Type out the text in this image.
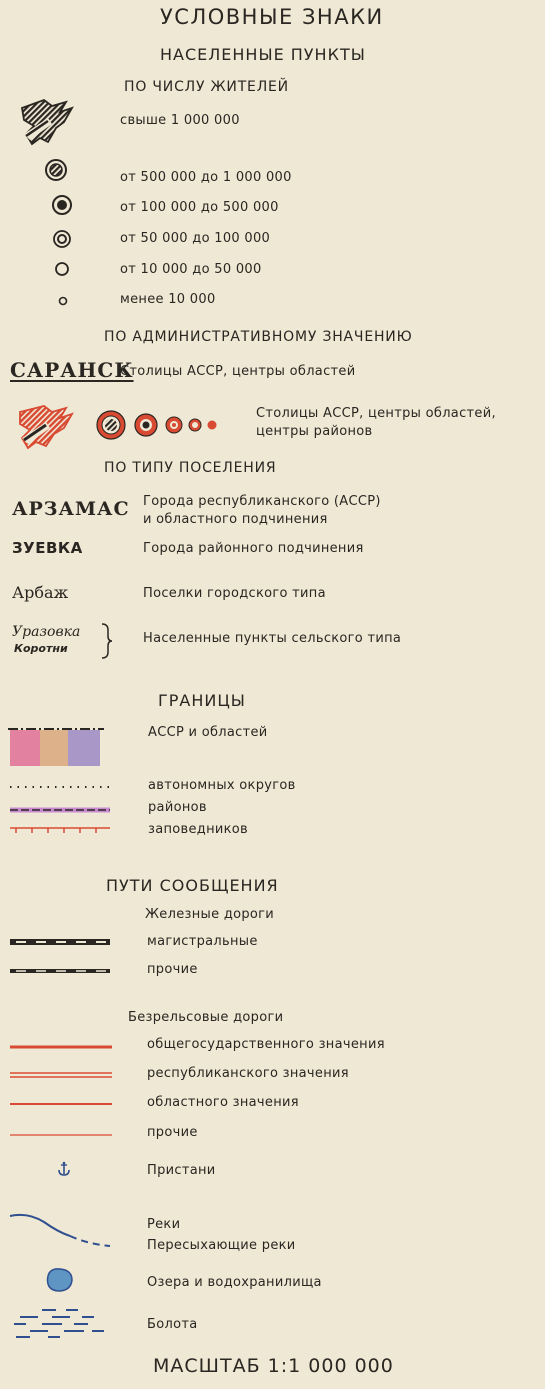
УСЛОВНЫЕ ЗНАКИ
НАСЕЛЕННЫЕ ПУНКТЫ
ПО ЧИСЛУ ЖИТЕЛЕЙ
свыше 1 000 000
от 500 000 до 1 000 000
от 100 000 до 500 000
от 50 000 до 100 000
от 10 000 до 50 000
менее 10 000
ПО АДМИНИСТРАТИВНОМУ ЗНАЧЕНИЮ
САРАНСК
Столицы АССР, центры областей
Столицы АССР, центры областей,
центры районов
ПО ТИПУ ПОСЕЛЕНИЯ
АРЗАМАС Города республиканского (АССР)
и областного подчинения
ЗУЕВКА	Города районного подчинения
Арбаж	Поселки городского типа
Уразовка
Коротни
Населенные пункты сельского типа
ГРАНИЦЫ
АССР и областей
автономных округов
районов
заповедников
ПУТИ СООБЩЕНИЯ
Железные дороги
магистральные
прочие
Безрельсовые дороги
общегосударственного значения
республиканского значения
областного значения
прочие
Пристани
Реки
Пересыхающие реки
Озера и водохранилища
Болота
МАСШТАБ 1:1 000 000
